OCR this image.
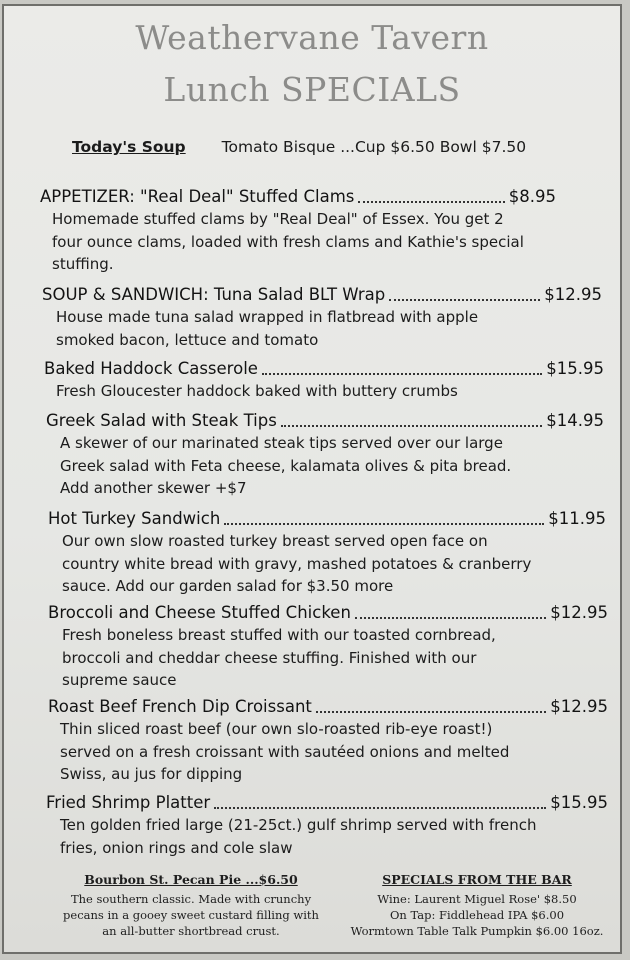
Weathervane Tavern
Lunch SPECIALS
Today's Soup Tomato Bisque ...Cup $6.50 Bowl $7.50
APPETIZER: "Real Deal" Stuffed Clams	$8.95
Homemade stuffed clams by "Real Deal" of Essex. You get 2
four ounce clams, loaded with fresh clams and Kathie's special
stuffing.
SOUP & SANDWICH: Tuna Salad BLT Wrap	$12.95
House made tuna salad wrapped in flatbread with apple
smoked bacon, lettuce and tomato
Baked Haddock Casserole	$15.95
Fresh Gloucester haddock baked with buttery crumbs
Greek Salad with Steak Tips	$14.95
A skewer of our marinated steak tips served over our large
Greek salad with Feta cheese, kalamata olives & pita bread.
Add another skewer +$7
Hot Turkey Sandwich	$11.95
Our own slow roasted turkey breast served open face on
country white bread with gravy, mashed potatoes & cranberry
sauce. Add our garden salad for $3.50 more
Broccoli and Cheese Stuffed Chicken	$12.95
Fresh boneless breast stuffed with our toasted cornbread,
broccoli and cheddar cheese stuffing. Finished with our
supreme sauce
Roast Beef French Dip Croissant	$12.95
Thin sliced roast beef (our own slo-roasted rib-eye roast!)
served on a fresh croissant with sautéed onions and melted
Swiss, au jus for dipping
Fried Shrimp Platter	$15.95
Ten golden fried large (21-25ct.) gulf shrimp served with french
fries, onion rings and cole slaw
Bourbon St. Pecan Pie ...$6.50
The southern classic. Made with crunchy
pecans in a gooey sweet custard filling with
an all-butter shortbread crust.
SPECIALS FROM THE BAR
Wine: Laurent Miguel Rose' $8.50
On Tap: Fiddlehead IPA $6.00
Wormtown Table Talk Pumpkin $6.00 16oz.
